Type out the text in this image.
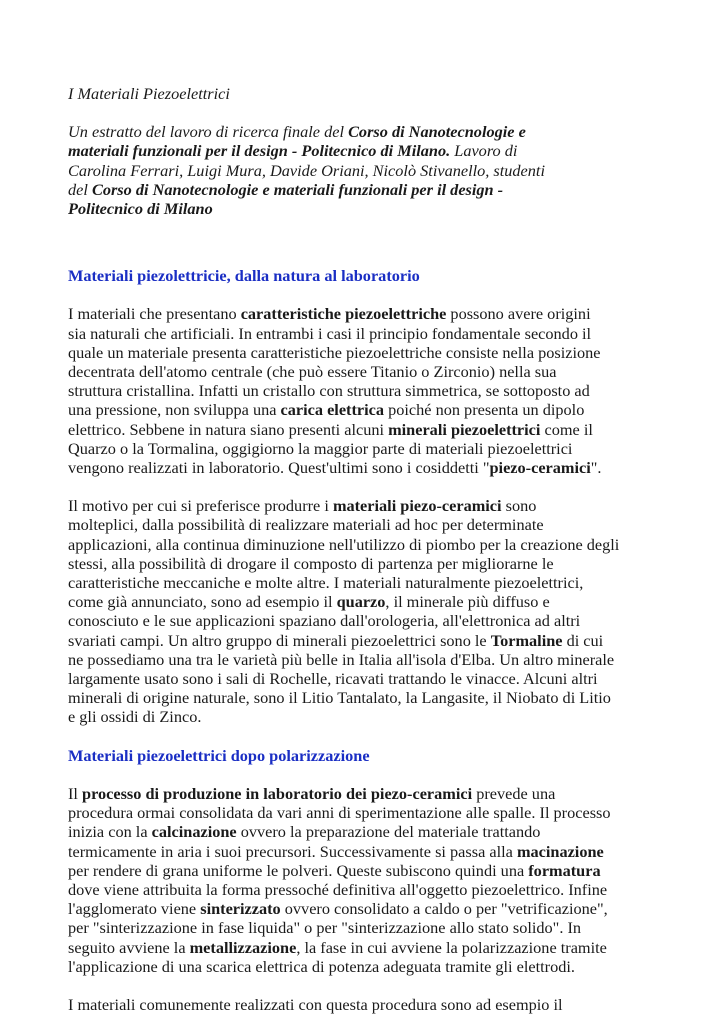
I Materiali Piezoelettrici
Un estratto del lavoro di ricerca finale del Corso di Nanotecnologie e
materiali funzionali per il design - Politecnico di Milano. Lavoro di
Carolina Ferrari, Luigi Mura, Davide Oriani, Nicolò Stivanello, studenti
del Corso di Nanotecnologie e materiali funzionali per il design -
Politecnico di Milano
Materiali piezolettricie, dalla natura al laboratorio
I materiali che presentano caratteristiche piezoelettriche possono avere origini
sia naturali che artificiali. In entrambi i casi il principio fondamentale secondo il
quale un materiale presenta caratteristiche piezoelettriche consiste nella posizione
decentrata dell'atomo centrale (che può essere Titanio o Zirconio) nella sua
struttura cristallina. Infatti un cristallo con struttura simmetrica, se sottoposto ad
una pressione, non sviluppa una carica elettrica poiché non presenta un dipolo
elettrico. Sebbene in natura siano presenti alcuni minerali piezoelettrici come il
Quarzo o la Tormalina, oggigiorno la maggior parte di materiali piezoelettrici
vengono realizzati in laboratorio. Quest'ultimi sono i cosiddetti "piezo-ceramici".
Il motivo per cui si preferisce produrre i materiali piezo-ceramici sono
molteplici, dalla possibilità di realizzare materiali ad hoc per determinate
applicazioni, alla continua diminuzione nell'utilizzo di piombo per la creazione degli
stessi, alla possibilità di drogare il composto di partenza per migliorarne le
caratteristiche meccaniche e molte altre. I materiali naturalmente piezoelettrici,
come già annunciato, sono ad esempio il quarzo, il minerale più diffuso e
conosciuto e le sue applicazioni spaziano dall'orologeria, all'elettronica ad altri
svariati campi. Un altro gruppo di minerali piezoelettrici sono le Tormaline di cui
ne possediamo una tra le varietà più belle in Italia all'isola d'Elba. Un altro minerale
largamente usato sono i sali di Rochelle, ricavati trattando le vinacce. Alcuni altri
minerali di origine naturale, sono il Litio Tantalato, la Langasite, il Niobato di Litio
e gli ossidi di Zinco.
Materiali piezoelettrici dopo polarizzazione
Il processo di produzione in laboratorio dei piezo-ceramici prevede una
procedura ormai consolidata da vari anni di sperimentazione alle spalle. Il processo
inizia con la calcinazione ovvero la preparazione del materiale trattando
termicamente in aria i suoi precursori. Successivamente si passa alla macinazione
per rendere di grana uniforme le polveri. Queste subiscono quindi una formatura
dove viene attribuita la forma pressoché definitiva all'oggetto piezoelettrico. Infine
l'agglomerato viene sinterizzato ovvero consolidato a caldo o per "vetrificazione",
per "sinterizzazione in fase liquida" o per "sinterizzazione allo stato solido". In
seguito avviene la metallizzazione, la fase in cui avviene la polarizzazione tramite
l'applicazione di una scarica elettrica di potenza adeguata tramite gli elettrodi.
I materiali comunemente realizzati con questa procedura sono ad esempio il
